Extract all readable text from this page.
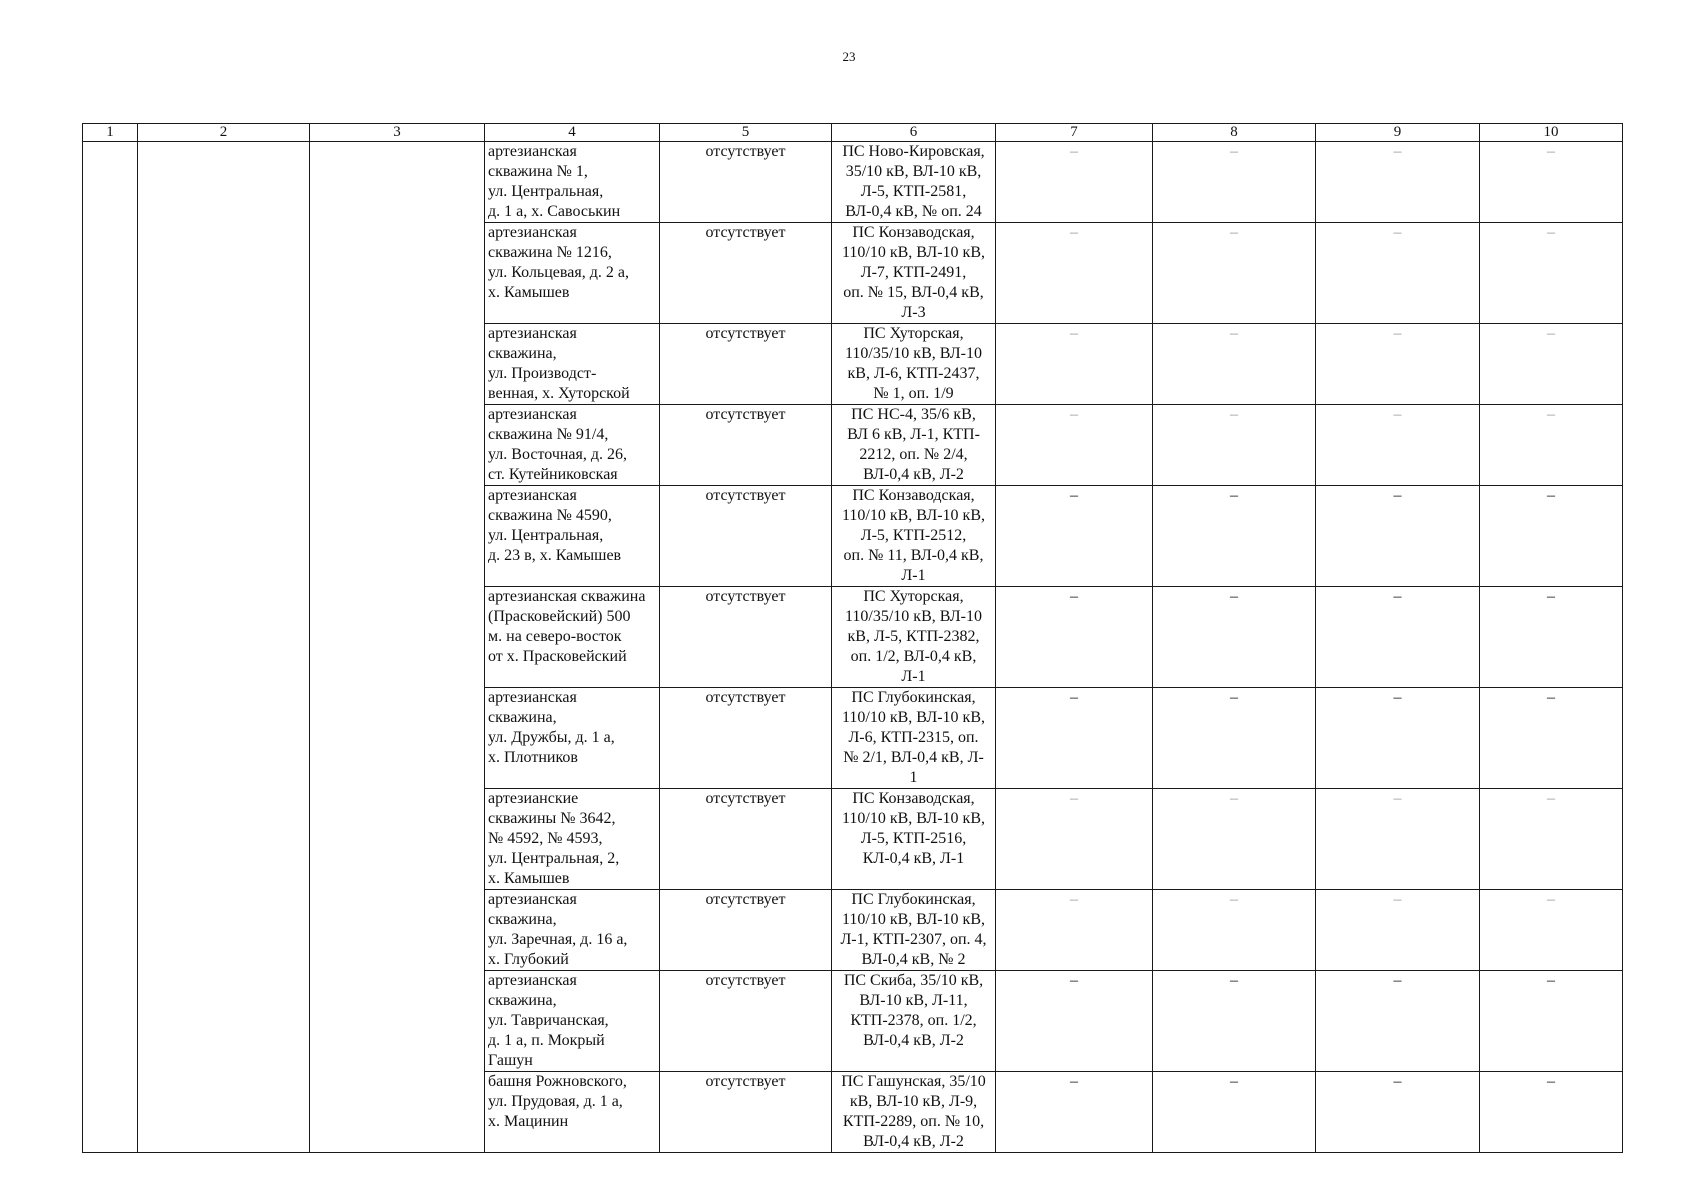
23
1	2	3	4	5	6	7	8	9	10

			артезианская
скважина № 1,
ул. Центральная,
д. 1 а, х. Савоськин	отсутствует	ПС Ново-Кировская,
35/10 кВ, ВЛ-10 кВ,
Л-5, КТП-2581,
ВЛ-0,4 кВ, № оп. 24	–	–	–	–

			артезианская
скважина № 1216,
ул. Кольцевая, д. 2 а,
х. Камышев	отсутствует	ПС Конзаводская,
110/10 кВ, ВЛ-10 кВ,
Л-7, КТП-2491,
оп. № 15, ВЛ-0,4 кВ,
Л-3	–	–	–	–

			артезианская
скважина,
ул. Производст-
венная, х. Хуторской	отсутствует	ПС Хуторская,
110/35/10 кВ, ВЛ-10
кВ, Л-6, КТП-2437,
№ 1, оп. 1/9	–	–	–	–

			артезианская
скважина № 91/4,
ул. Восточная, д. 26,
ст. Кутейниковская	отсутствует	ПС НС-4, 35/6 кВ,
ВЛ 6 кВ, Л-1, КТП-
2212, оп. № 2/4,
ВЛ-0,4 кВ, Л-2	–	–	–	–

			артезианская
скважина № 4590,
ул. Центральная,
д. 23 в, х. Камышев	отсутствует	ПС Конзаводская,
110/10 кВ, ВЛ-10 кВ,
Л-5, КТП-2512,
оп. № 11, ВЛ-0,4 кВ,
Л-1	–	–	–	–

			артезианская скважина
(Прасковейский) 500
м. на северо-восток
от х. Прасковейский	отсутствует	ПС Хуторская,
110/35/10 кВ, ВЛ-10
кВ, Л-5, КТП-2382,
оп. 1/2, ВЛ-0,4 кВ,
Л-1	–	–	–	–

			артезианская
скважина,
ул. Дружбы, д. 1 а,
х. Плотников	отсутствует	ПС Глубокинская,
110/10 кВ, ВЛ-10 кВ,
Л-6, КТП-2315, оп.
№ 2/1, ВЛ-0,4 кВ, Л-
1	–	–	–	–

			артезианские
скважины № 3642,
№ 4592, № 4593,
ул. Центральная, 2,
х. Камышев	отсутствует	ПС Конзаводская,
110/10 кВ, ВЛ-10 кВ,
Л-5, КТП-2516,
КЛ-0,4 кВ, Л-1	–	–	–	–

			артезианская
скважина,
ул. Заречная, д. 16 а,
х. Глубокий	отсутствует	ПС Глубокинская,
110/10 кВ, ВЛ-10 кВ,
Л-1, КТП-2307, оп. 4,
ВЛ-0,4 кВ, № 2	–	–	–	–

			артезианская
скважина,
ул. Тавричанская,
д. 1 а, п. Мокрый
Гашун	отсутствует	ПС Скиба, 35/10 кВ,
ВЛ-10 кВ, Л-11,
КТП-2378, оп. 1/2,
ВЛ-0,4 кВ, Л-2	–	–	–	–

			башня Рожновского,
ул. Прудовая, д. 1 а,
х. Мацинин	отсутствует	ПС Гашунская, 35/10
кВ, ВЛ-10 кВ, Л-9,
КТП-2289, оп. № 10,
ВЛ-0,4 кВ, Л-2	–	–	–	–
